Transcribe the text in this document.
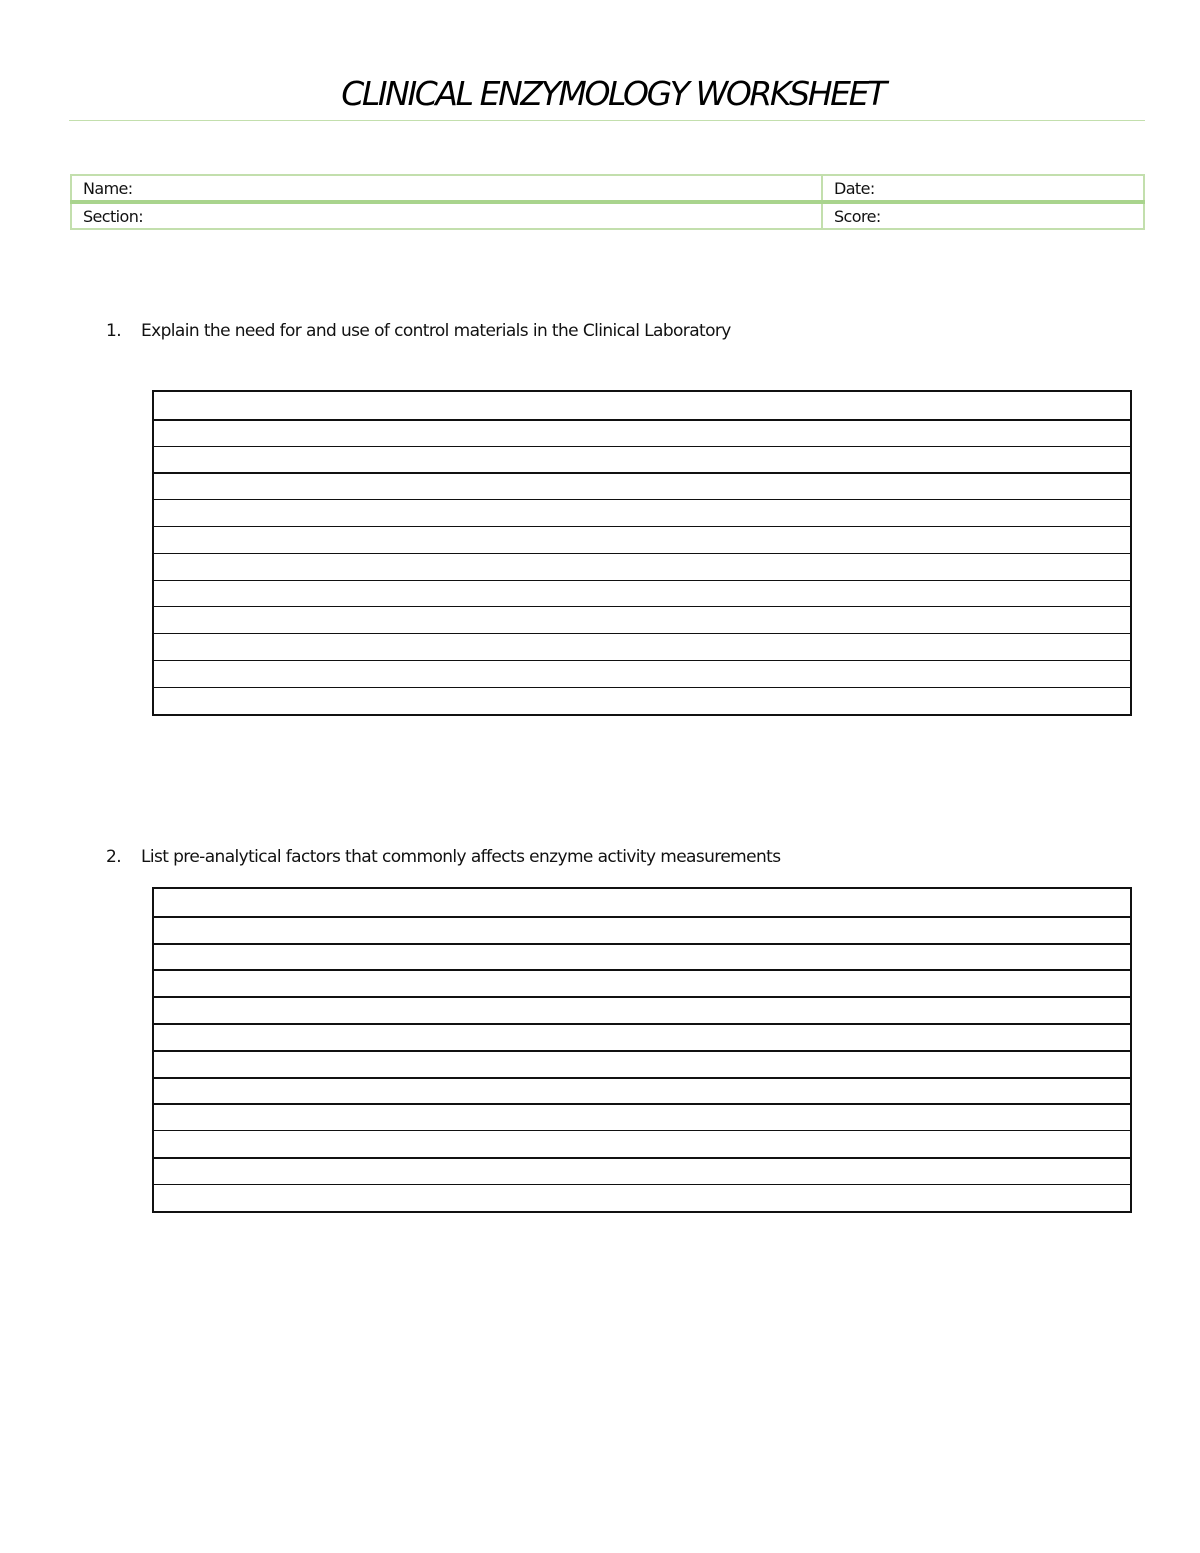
CLINICAL ENZYMOLOGY WORKSHEET
Name:	Date:
Section:	Score:
1. Explain the need for and use of control materials in the Clinical Laboratory
2. List pre-analytical factors that commonly affects enzyme activity measurements
